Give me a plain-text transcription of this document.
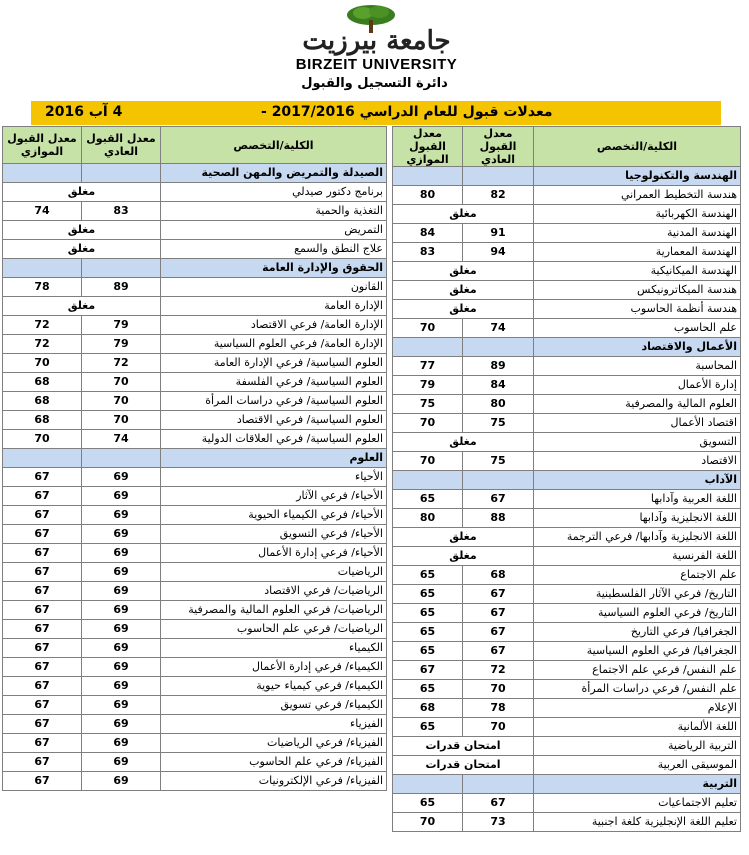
جامعة بيرزيت
BIRZEIT UNIVERSITY
دائرة التسجيل والقبول
4 آب 2016	معدلات قبول للعام الدراسي 2017/2016 -
معدل القبول الموازي	معدل القبول العادي	الكلية/التخصص
		الصيدلة والتمريض والمهن الصحية
مغلق		برنامج دكتور صيدلي
74	83	التغذية والحمية
مغلق		التمريض
مغلق		علاج النطق والسمع
		الحقوق والإدارة العامة
78	89	القانون
مغلق		الإدارة العامة
72	79	الإدارة العامة/ فرعي الاقتصاد
72	79	الإدارة العامة/ فرعي العلوم السياسية
70	72	العلوم السياسية/ فرعي الإدارة العامة
68	70	العلوم السياسية/ فرعي الفلسفة
68	70	العلوم السياسية/ فرعي دراسات المرأة
68	70	العلوم السياسية/ فرعي الاقتصاد
70	74	العلوم السياسية/ فرعي العلاقات الدولية
		العلوم
67	69	الأحياء
67	69	الأحياء/ فرعي الآثار
67	69	الأحياء/ فرعي الكيمياء الحيوية
67	69	الأحياء/ فرعي التسويق
67	69	الأحياء/ فرعي إدارة الأعمال
67	69	الرياضيات
67	69	الرياضيات/ فرعي الاقتصاد
67	69	الرياضيات/ فرعي العلوم المالية والمصرفية
67	69	الرياضيات/ فرعي علم الحاسوب
67	69	الكيمياء
67	69	الكيمياء/ فرعي إدارة الأعمال
67	69	الكيمياء/ فرعي كيمياء حيوية
67	69	الكيمياء/ فرعي تسويق
67	69	الفيزياء
67	69	الفيزياء/ فرعي الرياضيات
67	69	الفيزياء/ فرعي علم الحاسوب
67	69	الفيزياء/ فرعي الإلكترونيات
معدل القبول الموازي	معدل القبول العادي	الكلية/التخصص
		الهندسة والتكنولوجيا
80	82	هندسة التخطيط العمراني
مغلق		الهندسة الكهربائية
84	91	الهندسة المدنية
83	94	الهندسة المعمارية
مغلق		الهندسة الميكانيكية
مغلق		هندسة الميكاترونيكس
مغلق		هندسة أنظمة الحاسوب
70	74	علم الحاسوب
		الأعمال والاقتصاد
77	89	المحاسبة
79	84	إدارة الأعمال
75	80	العلوم المالية والمصرفية
70	75	اقتصاد الأعمال
مغلق		التسويق
70	75	الاقتصاد
		الآداب
65	67	اللغة العربية وآدابها
80	88	اللغة الانجليزية وآدابها
مغلق		اللغة الانجليزية وآدابها/ فرعي الترجمة
مغلق		اللغة الفرنسية
65	68	علم الاجتماع
65	67	التاريخ/ فرعي الآثار الفلسطينية
65	67	التاريخ/ فرعي العلوم السياسية
65	67	الجغرافيا/ فرعي التاريخ
65	67	الجغرافيا/ فرعي العلوم السياسية
67	72	علم النفس/ فرعي علم الاجتماع
65	70	علم النفس/ فرعي دراسات المرأة
68	78	الإعلام
65	70	اللغة الألمانية
امتحان قدرات		التربية الرياضية
امتحان قدرات		الموسيقى العربية
		التربية
65	67	تعليم الاجتماعيات
70	73	تعليم اللغة الإنجليزية كلغة اجنبية
